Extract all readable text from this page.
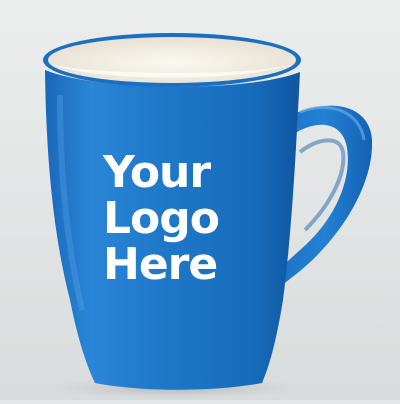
Your
Logo
Here
